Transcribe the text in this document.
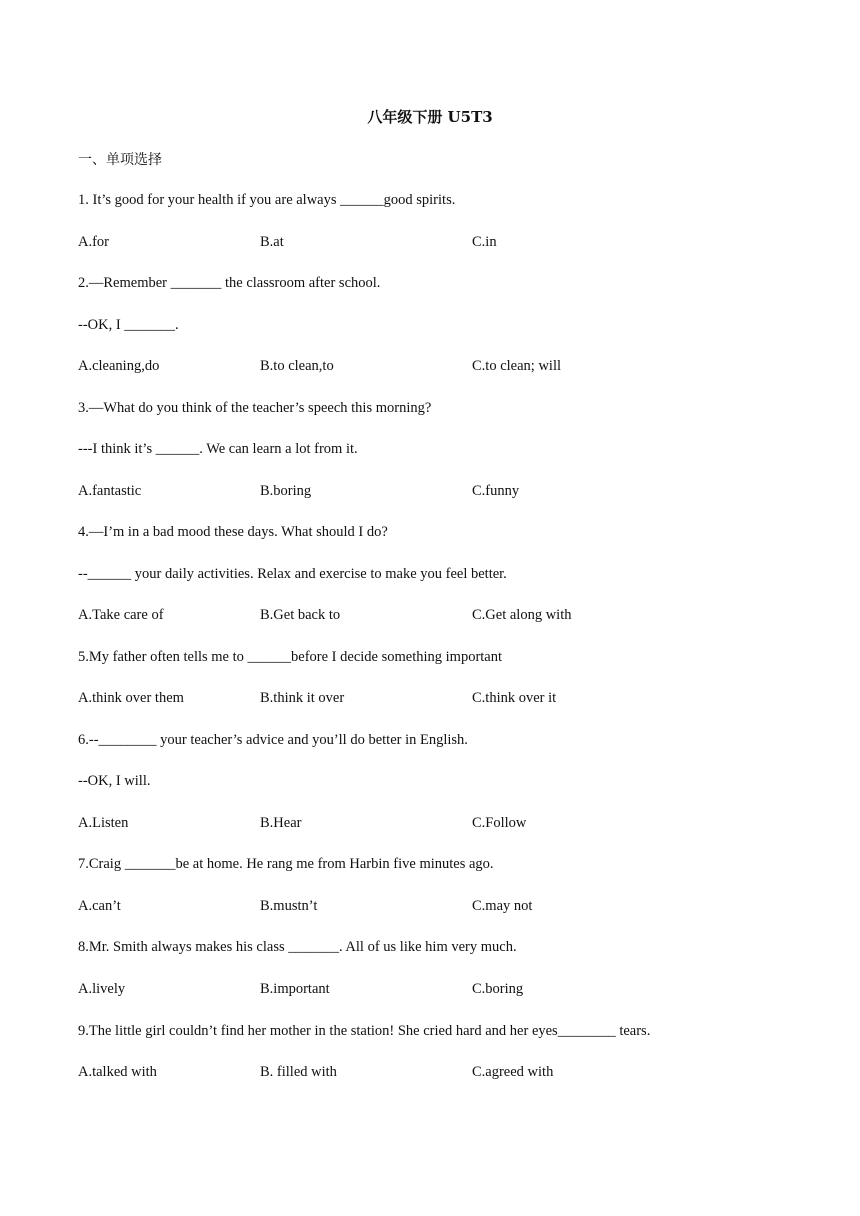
八年级下册 U5T3
一、单项选择
1. It’s good for your health if you are always ______good spirits.
A.for	B.at	C.in
2.—Remember _______ the classroom after school.
--OK, I _______.
A.cleaning,do	B.to clean,to	C.to clean; will
3.—What do you think of the teacher’s speech this morning?
---I think it’s ______. We can learn a lot from it.
A.fantastic	B.boring	C.funny
4.—I’m in a bad mood these days. What should I do?
--______ your daily activities. Relax and exercise to make you feel better.
A.Take care of	B.Get back to	C.Get along with
5.My father often tells me to ______before I decide something important
A.think over them	B.think it over	C.think over it
6.--________ your teacher’s advice and you’ll do better in English.
--OK, I will.
A.Listen	B.Hear	C.Follow
7.Craig _______be at home. He rang me from Harbin five minutes ago.
A.can’t	B.mustn’t	C.may not
8.Mr. Smith always makes his class _______. All of us like him very much.
A.lively	B.important	C.boring
9.The little girl couldn’t find her mother in the station! She cried hard and her eyes________ tears.
A.talked with	B. filled with	C.agreed with
